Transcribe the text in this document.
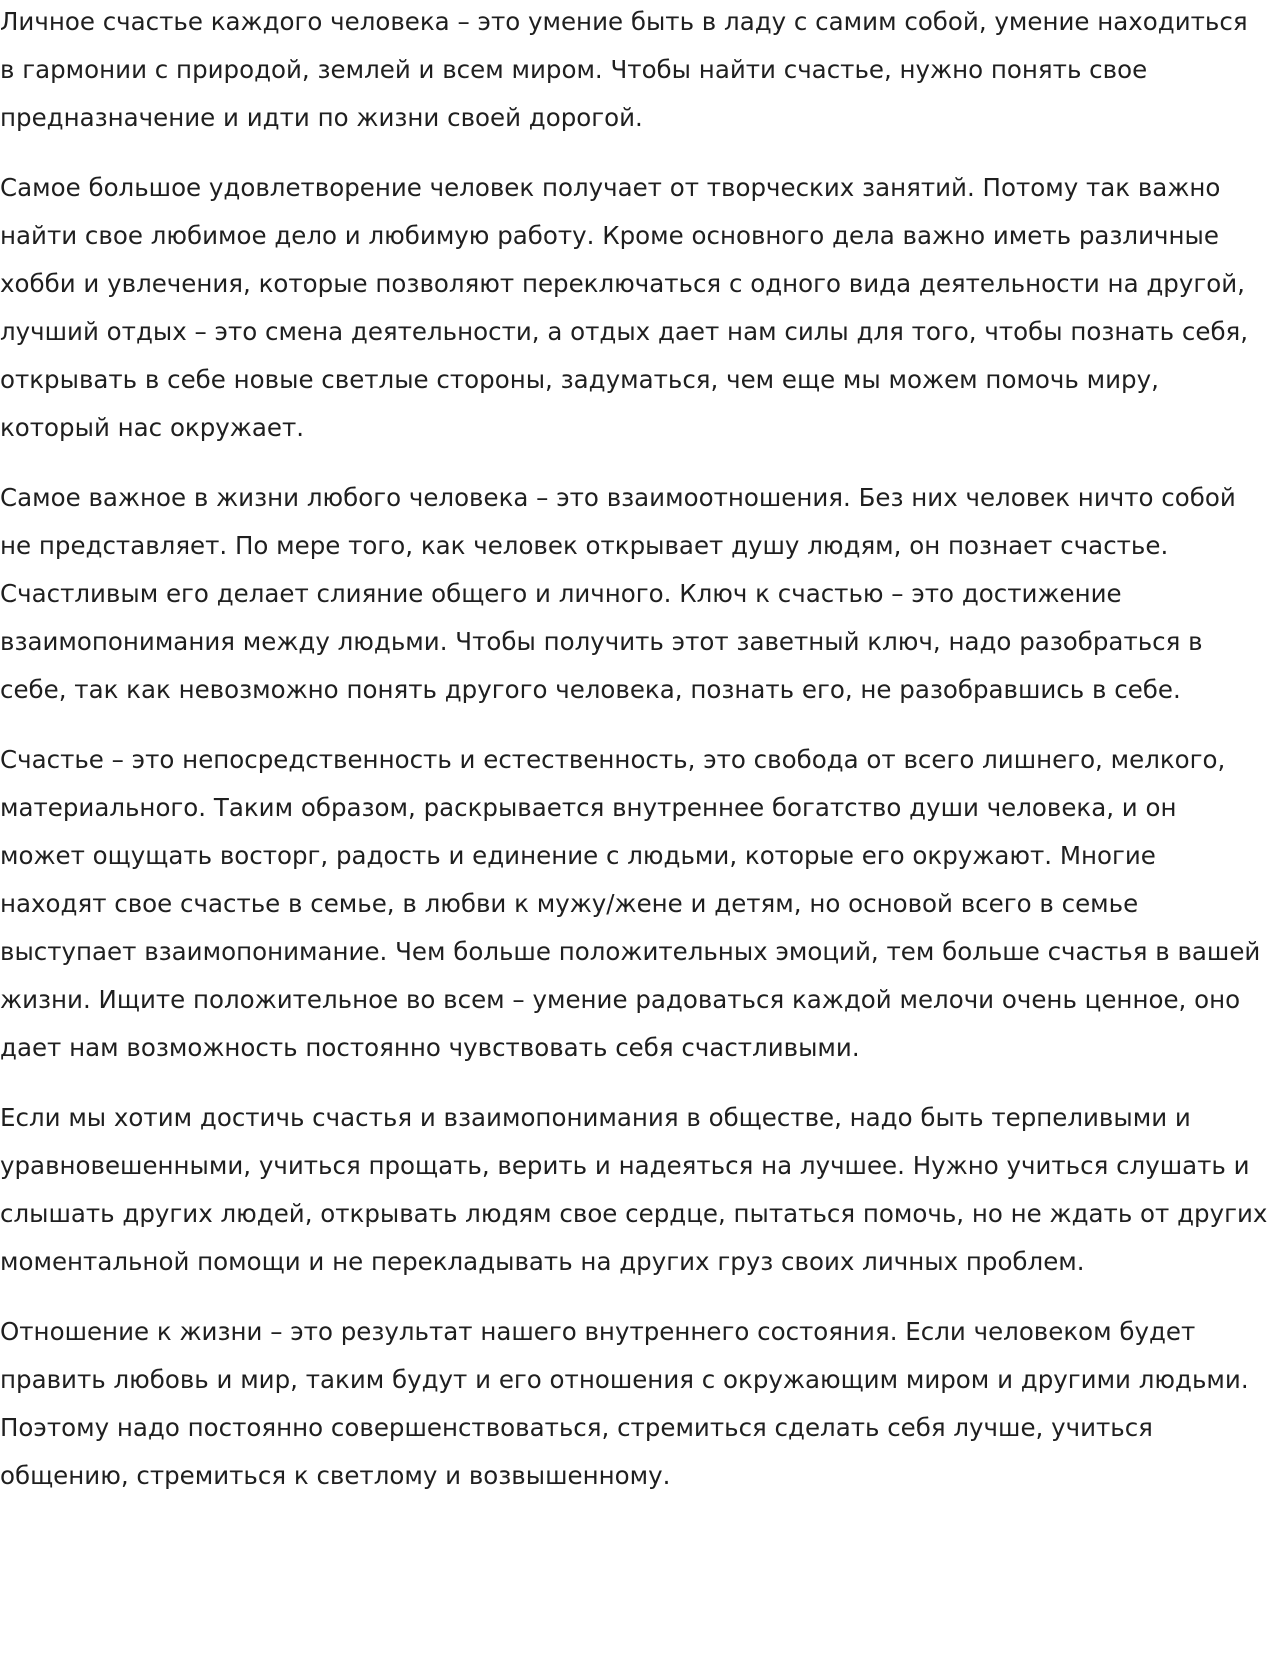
Личное счастье каждого человека – это умение быть в ладу с самим собой, умение находиться в гармонии с природой, землей и всем миром. Чтобы найти счастье, нужно понять свое предназначение и идти по жизни своей дорогой.

Самое большое удовлетворение человек получает от творческих занятий. Потому так важно найти свое любимое дело и любимую работу. Кроме основного дела важно иметь различные хобби и увлечения, которые позволяют переключаться с одного вида деятельности на другой, лучший отдых – это смена деятельности, а отдых дает нам силы для того, чтобы познать себя, открывать в себе новые светлые стороны, задуматься, чем еще мы можем помочь миру, который нас окружает.

Самое важное в жизни любого человека – это взаимоотношения. Без них человек ничто собой не представляет. По мере того, как человек открывает душу людям, он познает счастье. Счастливым его делает слияние общего и личного. Ключ к счастью – это достижение взаимопонимания между людьми. Чтобы получить этот заветный ключ, надо разобраться в себе, так как невозможно понять другого человека, познать его, не разобравшись в себе.

Счастье – это непосредственность и естественность, это свобода от всего лишнего, мелкого, материального. Таким образом, раскрывается внутреннее богатство души человека, и он может ощущать восторг, радость и единение с людьми, которые его окружают. Многие находят свое счастье в семье, в любви к мужу/жене и детям, но основой всего в семье выступает взаимопонимание. Чем больше положительных эмоций, тем больше счастья в вашей жизни. Ищите положительное во всем – умение радоваться каждой мелочи очень ценное, оно дает нам возможность постоянно чувствовать себя счастливыми.

Если мы хотим достичь счастья и взаимопонимания в обществе, надо быть терпеливыми и уравновешенными, учиться прощать, верить и надеяться на лучшее. Нужно учиться слушать и слышать других людей, открывать людям свое сердце, пытаться помочь, но не ждать от других моментальной помощи и не перекладывать на других груз своих личных проблем.

Отношение к жизни – это результат нашего внутреннего состояния. Если человеком будет править любовь и мир, таким будут и его отношения с окружающим миром и другими людьми. Поэтому надо постоянно совершенствоваться, стремиться сделать себя лучше, учиться общению, стремиться к светлому и возвышенному.
